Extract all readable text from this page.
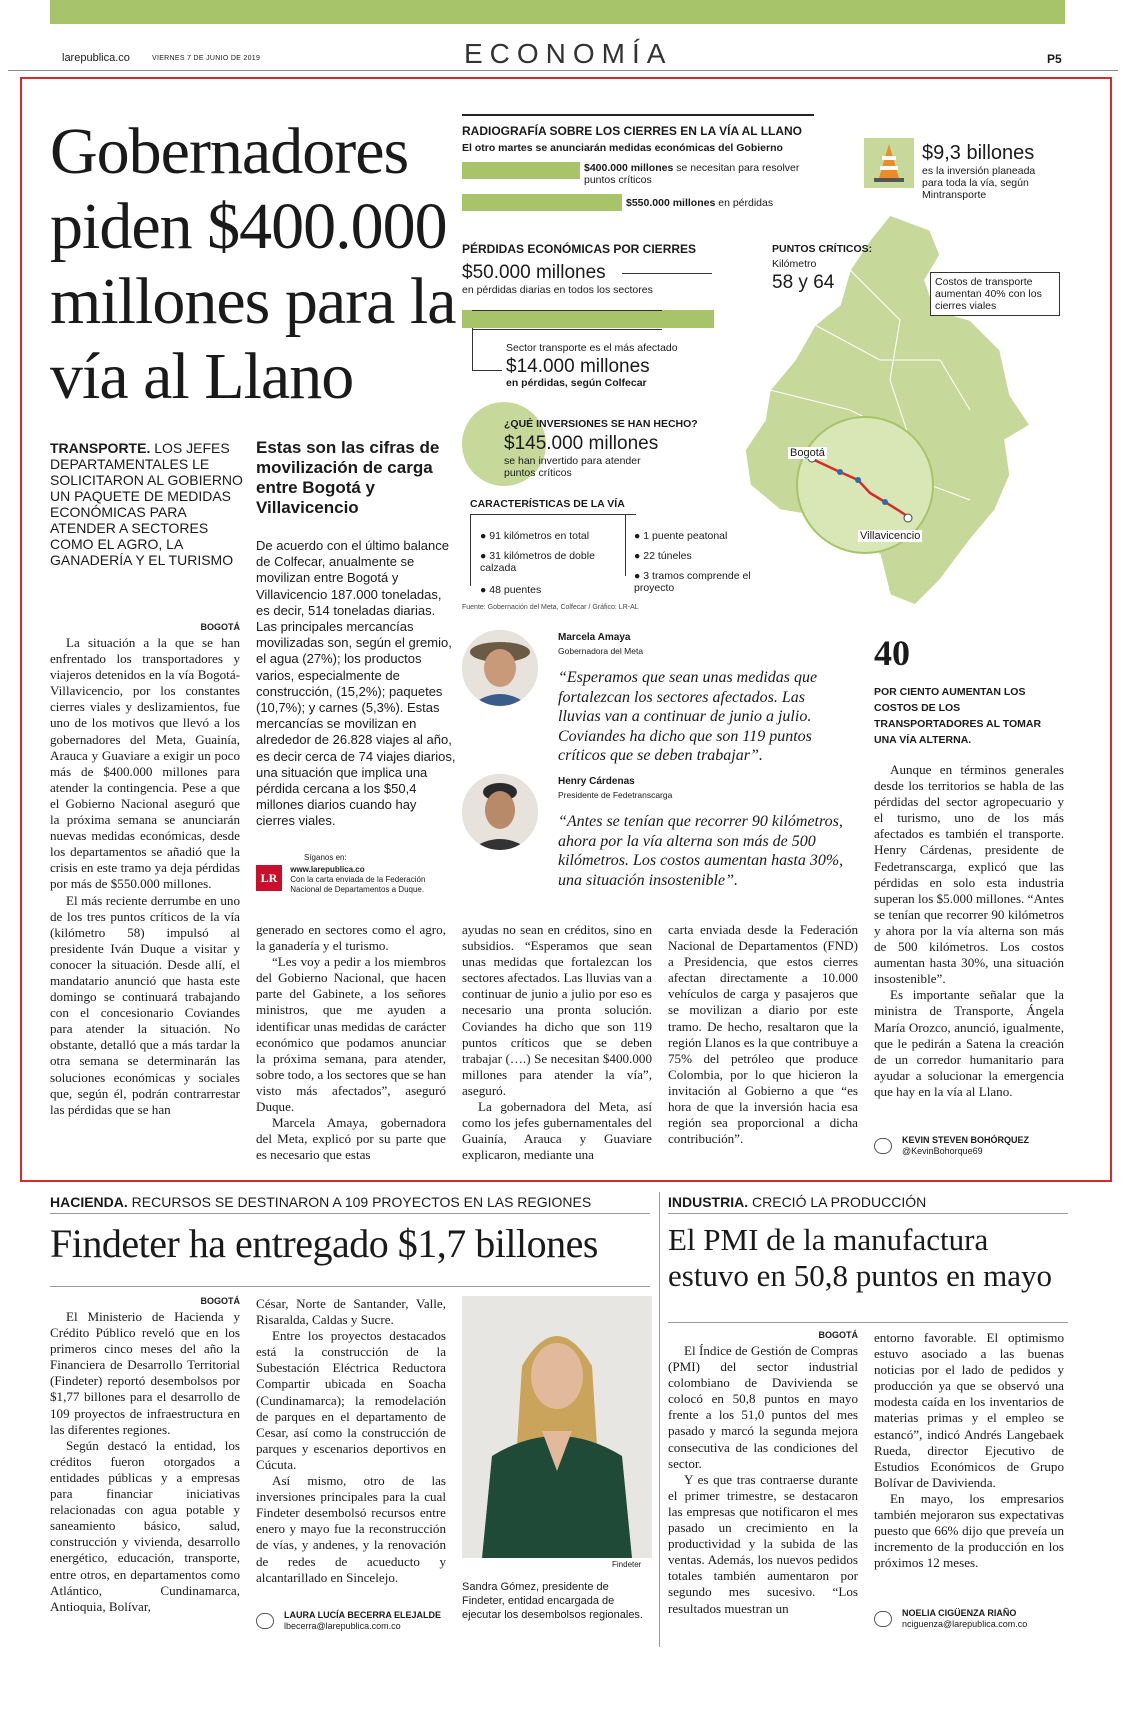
larepublica.co	VIERNES 7 DE JUNIO DE 2019	ECONOMÍA	P5
Gobernadores piden $400.000 millones para la vía al Llano
TRANSPORTE. LOS JEFES DEPARTAMENTALES LE SOLICITARON AL GOBIERNO UN PAQUETE DE MEDIDAS ECONÓMICAS PARA ATENDER A SECTORES COMO EL AGRO, LA GANADERÍA Y EL TURISMO
Estas son las cifras de movilización de carga entre Bogotá y Villavicencio
De acuerdo con el último balance de Colfecar, anualmente se movilizan entre Bogotá y Villavicencio 187.000 toneladas, es decir, 514 toneladas diarias. Las principales mercancías movilizadas son, según el gremio, el agua (27%); los productos varios, especialmente de construcción, (15,2%); paquetes (10,7%); y carnes (5,3%). Estas mercancías se movilizan en alrededor de 26.828 viajes al año, es decir cerca de 74 viajes diarios, una situación que implica una pérdida cercana a los $50,4 millones diarios cuando hay cierres viales.
Síganos en:
LR
www.larepublica.co
Con la carta enviada de la Federación Nacional de Departamentos a Duque.
BOGOTÁ

La situación a la que se han enfrentado los transportadores y viajeros detenidos en la vía Bogotá-Villavicencio, por los constantes cierres viales y deslizamientos, fue uno de los motivos que llevó a los gobernadores del Meta, Guainía, Arauca y Guaviare a exigir un poco más de $400.000 millones para atender la contingencia. Pese a que el Gobierno Nacional aseguró que la próxima semana se anunciarán nuevas medidas económicas, desde los departamentos se añadió que la crisis en este tramo ya deja pérdidas por más de $550.000 millones.

El más reciente derrumbe en uno de los tres puntos críticos de la vía (kilómetro 58) impulsó al presidente Iván Duque a visitar y conocer la situación. Desde allí, el mandatario anunció que hasta este domingo se continuará trabajando con el concesionario Coviandes para atender la situación. No obstante, detalló que a más tardar la otra semana se determinarán las soluciones económicas y sociales que, según él, podrán contrarrestar las pérdidas que se han

generado en sectores como el agro, la ganadería y el turismo.

“Les voy a pedir a los miembros del Gobierno Nacional, que hacen parte del Gabinete, a los señores ministros, que me ayuden a identificar unas medidas de carácter económico que podamos anunciar la próxima semana, para atender, sobre todo, a los sectores que se han visto más afectados”, aseguró Duque.

Marcela Amaya, gobernadora del Meta, explicó por su parte que es necesario que estas

ayudas no sean en créditos, sino en subsidios. “Esperamos que sean unas medidas que fortalezcan los sectores afectados. Las lluvias van a continuar de junio a julio por eso es necesario una pronta solución. Coviandes ha dicho que son 119 puntos críticos que se deben trabajar (….) Se necesitan $400.000 millones para atender la vía”, aseguró.

La gobernadora del Meta, así como los jefes gubernamentales del Guainía, Arauca y Guaviare explicaron, mediante una

carta enviada desde la Federación Nacional de Departamentos (FND) a Presidencia, que estos cierres afectan directamente a 10.000 vehículos de carga y pasajeros que se movilizan a diario por este tramo. De hecho, resaltaron que la región Llanos es la que contribuye a 75% del petróleo que produce Colombia, por lo que hicieron la invitación al Gobierno a que “es hora de que la inversión hacia esa región sea proporcional a dicha contribución”.

Aunque en términos generales desde los territorios se habla de las pérdidas del sector agropecuario y el turismo, uno de los más afectados es también el transporte. Henry Cárdenas, presidente de Fedetranscarga, explicó que las pérdidas en solo esta industria superan los $5.000 millones. “Antes se tenían que recorrer 90 kilómetros y ahora por la vía alterna son más de 500 kilómetros. Los costos aumentan hasta 30%, una situación insostenible”.

Es importante señalar que la ministra de Transporte, Ángela María Orozco, anunció, igualmente, que le pedirán a Satena la creación de un corredor humanitario para ayudar a solucionar la emergencia que hay en la vía al Llano.

KEVIN STEVEN BOHÓRQUEZ
@KevinBohorque69
40
POR CIENTO AUMENTAN LOS COSTOS DE LOS TRANSPORTADORES AL TOMAR UNA VÍA ALTERNA.
RADIOGRAFÍA SOBRE LOS CIERRES EN LA VÍA AL LLANO
El otro martes se anunciarán medidas económicas del Gobierno
$400.000 millones se necesitan para resolver puntos críticos
$550.000 millones en pérdidas
$9,3 billones
es la inversión planeada para toda la vía, según Mintransporte
PÉRDIDAS ECONÓMICAS POR CIERRES
$50.000 millones
en pérdidas diarias en todos los sectores
Sector transporte es el más afectado
$14.000 millones
en pérdidas, según Colfecar
¿QUÉ INVERSIONES SE HAN HECHO?
$145.000 millones
se han invertido para atender puntos críticos
CARACTERÍSTICAS DE LA VÍA
● 91 kilómetros en total
● 31 kilómetros de doble calzada
● 48 puentes
● 1 puente peatonal
● 22 túneles
● 3 tramos comprende el proyecto
Fuente: Gobernación del Meta, Colfecar / Gráfico: LR-AL
Bogotá
Villavicencio
PUNTOS CRÍTICOS:
Kilómetro
58 y 64	Costos de transporte aumentan 40% con los cierres viales
Marcela Amaya
Gobernadora del Meta
“Esperamos que sean unas medidas que fortalezcan los sectores afectados. Las lluvias van a continuar de junio a julio. Coviandes ha dicho que son 119 puntos críticos que se deben trabajar”.
Henry Cárdenas
Presidente de Fedetranscarga
“Antes se tenían que recorrer 90 kilómetros, ahora por la vía alterna son más de 500 kilómetros. Los costos aumentan hasta 30%, una situación insostenible”.
HACIENDA. RECURSOS SE DESTINARON A 109 PROYECTOS EN LAS REGIONES
Findeter ha entregado $1,7 billones
BOGOTÁ

El Ministerio de Hacienda y Crédito Público reveló que en los primeros cinco meses del año la Financiera de Desarrollo Territorial (Findeter) reportó desembolsos por $1,77 billones para el desarrollo de 109 proyectos de infraestructura en las diferentes regiones.

Según destacó la entidad, los créditos fueron otorgados a entidades públicas y a empresas para financiar iniciativas relacionadas con agua potable y saneamiento básico, salud, construcción y vivienda, desarrollo energético, educación, transporte, entre otros, en departamentos como Atlántico, Cundinamarca, Antioquia, Bolívar,

César, Norte de Santander, Valle, Risaralda, Caldas y Sucre.

Entre los proyectos destacados está la construcción de la Subestación Eléctrica Reductora Compartir ubicada en Soacha (Cundinamarca); la remodelación de parques en el departamento de Cesar, así como la construcción de parques y escenarios deportivos en Cúcuta.

Así mismo, otro de las inversiones principales para la cual Findeter desembolsó recursos entre enero y mayo fue la reconstrucción de vías, y andenes, y la renovación de redes de acueducto y alcantarillado en Sincelejo.

LAURA LUCÍA BECERRA ELEJALDE
lbecerra@larepublica.com.co
Findeter
Sandra Gómez, presidente de Findeter, entidad encargada de ejecutar los desembolsos regionales.
INDUSTRIA. CRECIÓ LA PRODUCCIÓN
El PMI de la manufactura estuvo en 50,8 puntos en mayo
BOGOTÁ

El Índice de Gestión de Compras (PMI) del sector industrial colombiano de Davivienda se colocó en 50,8 puntos en mayo frente a los 51,0 puntos del mes pasado y marcó la segunda mejora consecutiva de las condiciones del sector.

Y es que tras contraerse durante el primer trimestre, se destacaron las empresas que notificaron el mes pasado un crecimiento en la productividad y la subida de las ventas. Además, los nuevos pedidos totales también aumentaron por segundo mes sucesivo. “Los resultados muestran un

entorno favorable. El optimismo estuvo asociado a las buenas noticias por el lado de pedidos y producción ya que se observó una modesta caída en los inventarios de materias primas y el empleo se estancó”, indicó Andrés Langebaek Rueda, director Ejecutivo de Estudios Económicos de Grupo Bolívar de Davivienda.

En mayo, los empresarios también mejoraron sus expectativas puesto que 66% dijo que preveía un incremento de la producción en los próximos 12 meses.

NOELIA CIGÜENZA RIAÑO
nciguenza@larepublica.com.co
